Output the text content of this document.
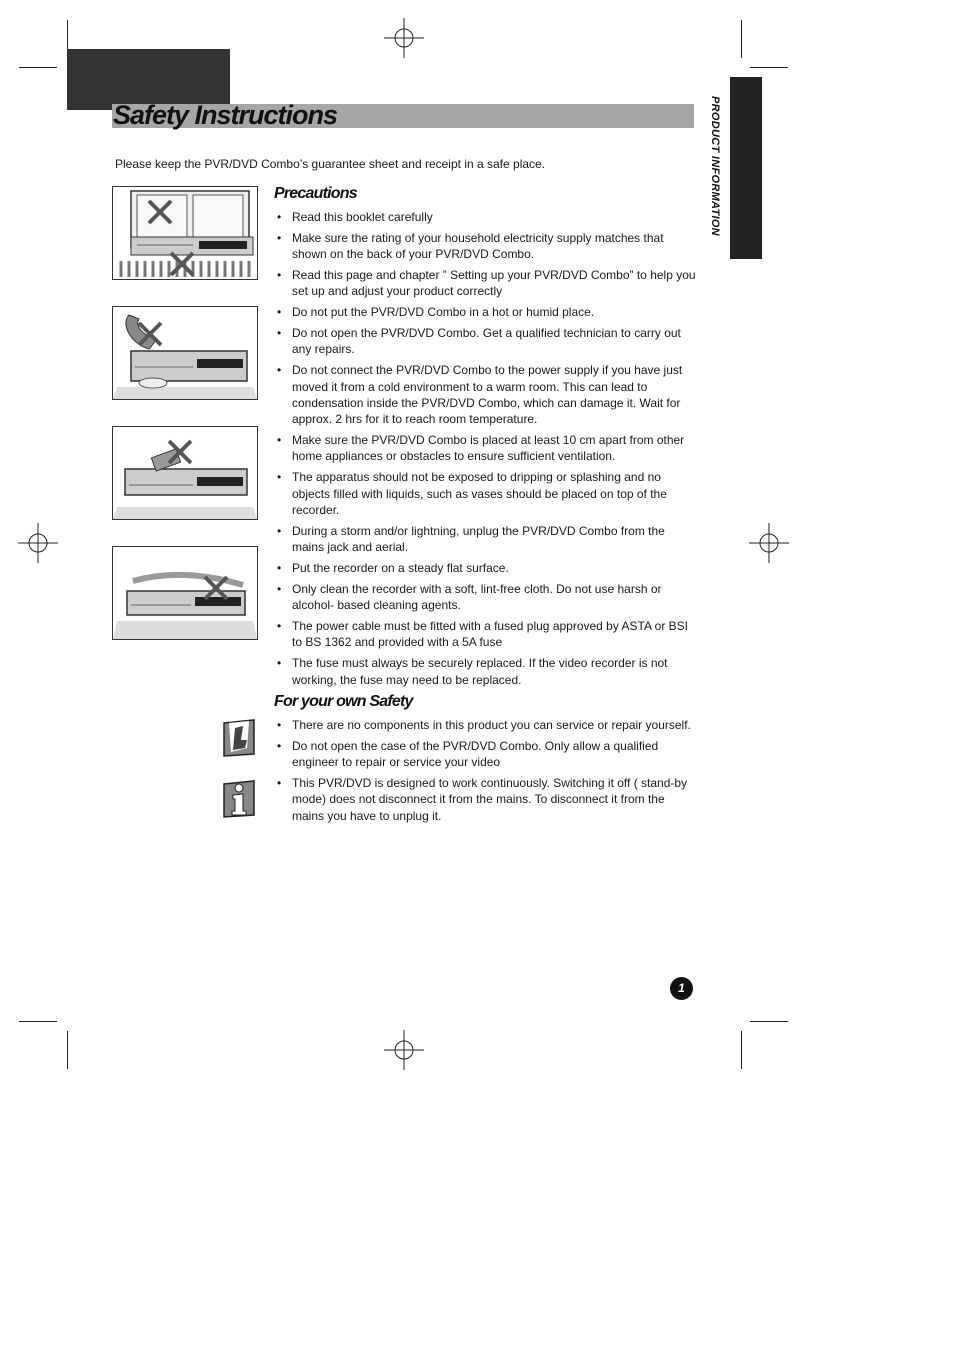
Safety Instructions	PRODUCT INFORMATION

Please keep the PVR/DVD Combo’s guarantee sheet and receipt in a safe place.

Precautions
• Read this booklet carefully
• Make sure the rating of your household electricity supply matches that shown on the back of your PVR/DVD Combo.
• Read this page and chapter ” Setting up your PVR/DVD Combo” to help you set up and adjust your product correctly
• Do not put the PVR/DVD Combo in a hot or humid place.
• Do not open the PVR/DVD Combo. Get a qualified technician to carry out any repairs.
• Do not connect the PVR/DVD Combo to the power supply if you have just moved it from a cold environment to a warm room. This can lead to condensation inside the PVR/DVD Combo, which can damage it. Wait for approx. 2 hrs for it to reach room temperature.
• Make sure the PVR/DVD Combo is placed at least 10 cm apart from other home appliances or obstacles to ensure sufficient ventilation.
• The apparatus should not be exposed to dripping or splashing and no objects filled with liquids, such as vases should be placed on top of the recorder.
• During a storm and/or lightning, unplug the PVR/DVD Combo from the mains jack and aerial.
• Put the recorder on a steady flat surface.
• Only clean the recorder with a soft, lint-free cloth. Do not use harsh or alcohol- based cleaning agents.
• The power cable must be fitted with a fused plug approved by ASTA or BSI to BS 1362 and provided with a 5A fuse
• The fuse must always be securely replaced. If the video recorder is not working, the fuse may need to be replaced.
For your own Safety
• There are no components in this product you can service or repair yourself.
• Do not open the case of the PVR/DVD Combo. Only allow a qualified engineer to repair or service your video
• This PVR/DVD is designed to work continuously. Switching it off ( stand-by mode) does not disconnect it from the mains. To disconnect it from the mains you have to unplug it.
1
